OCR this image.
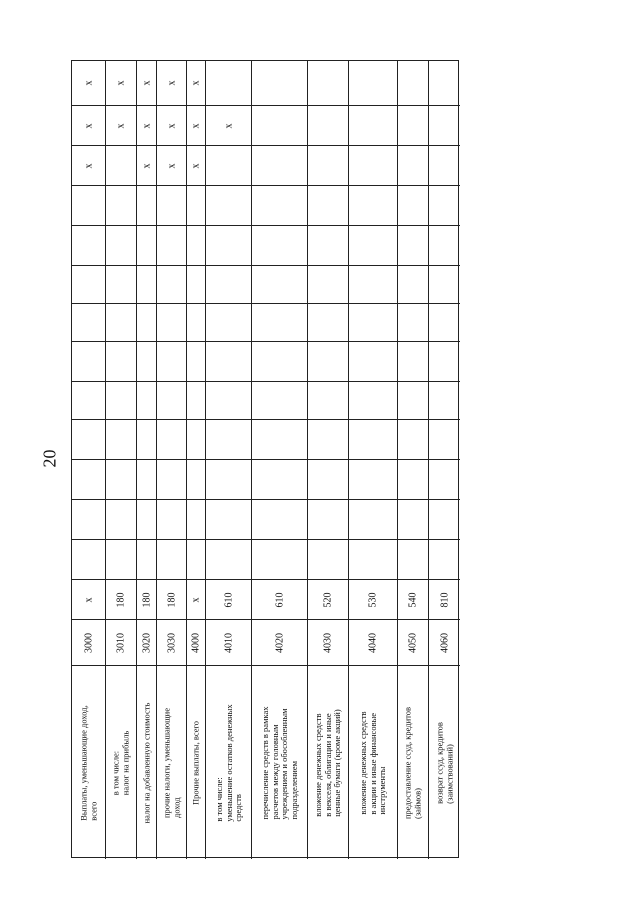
20
Выплаты, уменьшающие доход,
всего
3000
x
x
x
x
в том числе:
налог на прибыль
3010
180
x
x
налог на добавленную стоимость
3020
180
x
x
x
прочие налоги, уменьшающие
доход
3030
180
x
x
x
Прочие выплаты, всего
4000
x
x
x
x
в том числе:
уменьшение остатков денежных
средств
4010
610
x
перечисление средств в рамках
расчетов между головным
учреждением и обособленным
подразделением
4020
610
вложение денежных средств
в векселя, облигации и иные
ценные бумаги (кроме акций)
4030
520
вложение денежных средств
в акции и иные финансовые
инструменты
4040
530
предоставление ссуд, кредитов
(займов)
4050
540
возврат ссуд, кредитов
(заимствований)
4060
810
